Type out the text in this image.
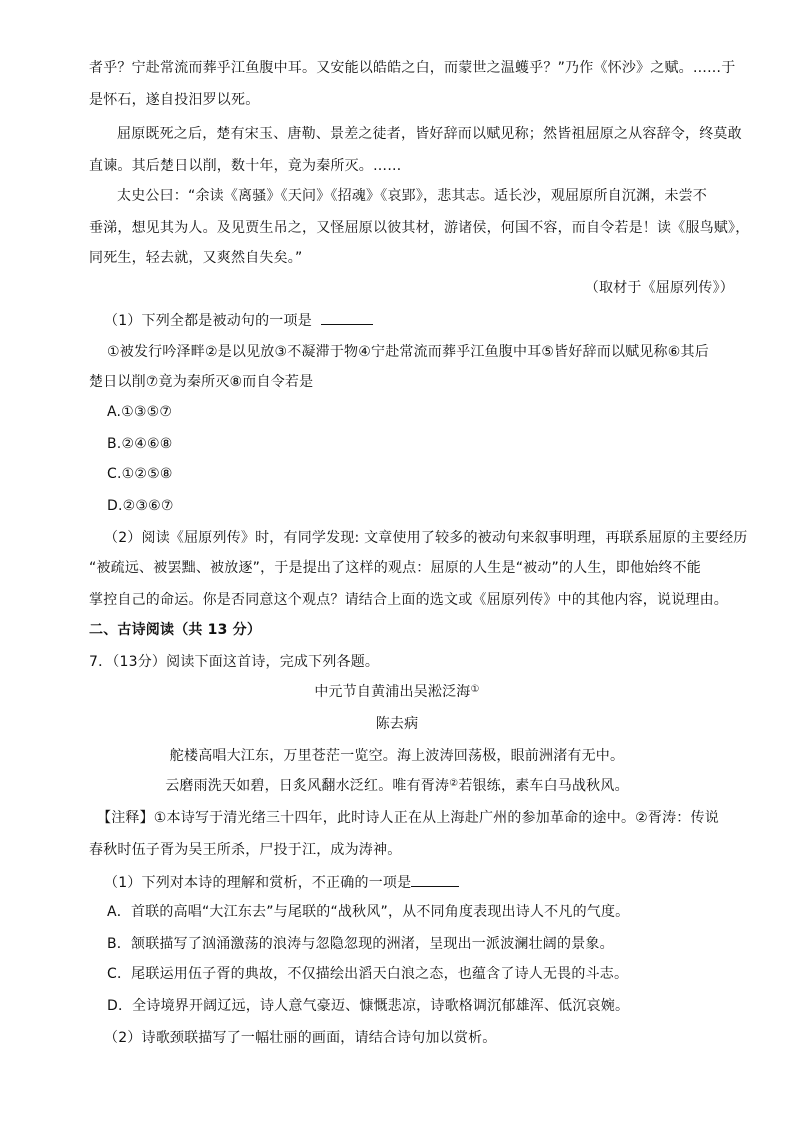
者乎？宁赴常流而葬乎江鱼腹中耳。又安能以皓皓之白，而蒙世之温蠖乎？”乃作《怀沙》之赋。……于
是怀石，遂自投汨罗以死。
屈原既死之后，楚有宋玉、唐勒、景差之徒者，皆好辞而以赋见称；然皆祖屈原之从容辞令，终莫敢
直谏。其后楚日以削，数十年，竟为秦所灭。……
太史公曰：“余读《离骚》《天问》《招魂》《哀郢》，悲其志。适长沙，观屈原所自沉渊，未尝不
垂涕，想见其为人。及见贾生吊之，又怪屈原以彼其材，游诸侯，何国不容，而自令若是！读《服鸟赋》，
同死生，轻去就，又爽然自失矣。”
（取材于《屈原列传》）
（1）下列全都是被动句的一项是
①被发行吟泽畔②是以见放③不凝滞于物④宁赴常流而葬乎江鱼腹中耳⑤皆好辞而以赋见称⑥其后
楚日以削⑦竟为秦所灭⑧而自令若是
A.①③⑤⑦
B.②④⑥⑧
C.①②⑤⑧
D.②③⑥⑦
（2）阅读《屈原列传》时，有同学发现: 文章使用了较多的被动句来叙事明理，再联系屈原的主要经历
“被疏远、被罢黜、被放逐”，于是提出了这样的观点：屈原的人生是“被动”的人生，即他始终不能
掌控自己的命运。你是否同意这个观点？请结合上面的选文或《屈原列传》中的其他内容，说说理由。
二、古诗阅读（共 13 分）
7．（13分）阅读下面这首诗，完成下列各题。
中元节自黄浦出吴淞泛海①
陈去病
舵楼高唱大江东，万里苍茫一览空。海上波涛回荡极，眼前洲渚有无中。
云磨雨洗天如碧，日炙风翻水泛红。唯有胥涛②若银练，素车白马战秋风。
【注释】①本诗写于清光绪三十四年，此时诗人正在从上海赴广州的参加革命的途中。②胥涛：传说
春秋时伍子胥为吴王所杀，尸投于江，成为涛神。
（1）下列对本诗的理解和赏析，不正确的一项是
A．首联的高唱“大江东去”与尾联的“战秋风”，从不同角度表现出诗人不凡的气度。
B．颔联描写了汹涌激荡的浪涛与忽隐忽现的洲渚，呈现出一派波澜壮阔的景象。
C．尾联运用伍子胥的典故，不仅描绘出滔天白浪之态，也蕴含了诗人无畏的斗志。
D．全诗境界开阔辽远，诗人意气豪迈、慷慨悲凉，诗歌格调沉郁雄浑、低沉哀婉。
（2）诗歌颈联描写了一幅壮丽的画面，请结合诗句加以赏析。
